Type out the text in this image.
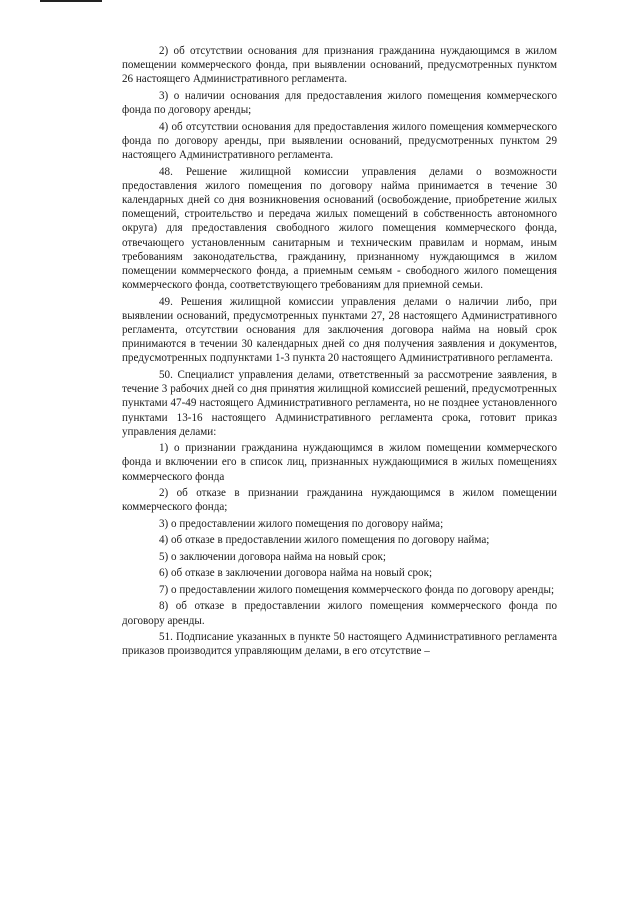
2) об отсутствии основания для признания гражданина нуждающимся в жилом помещении коммерческого фонда, при выявлении оснований, предусмотренных пунктом 26 настоящего Административного регламента.

3) о наличии основания для предоставления жилого помещения коммерческого фонда по договору аренды;

4) об отсутствии основания для предоставления жилого помещения коммерческого фонда по договору аренды, при выявлении оснований, предусмотренных пунктом 29 настоящего Административного регламента.

48. Решение жилищной комиссии управления делами о возможности предоставления жилого помещения по договору найма принимается в течение 30 календарных дней со дня возникновения оснований (освобождение, приобретение жилых помещений, строительство и передача жилых помещений в собственность автономного округа) для предоставления свободного жилого помещения коммерческого фонда, отвечающего установленным санитарным и техническим правилам и нормам, иным требованиям законодательства, гражданину, признанному нуждающимся в жилом помещении коммерческого фонда, а приемным семьям - свободного жилого помещения коммерческого фонда, соответствующего требованиям для приемной семьи.

49. Решения жилищной комиссии управления делами о наличии либо, при выявлении оснований, предусмотренных пунктами 27, 28 настоящего Административного регламента, отсутствии основания для заключения договора найма на новый срок принимаются в течении 30 календарных дней со дня получения заявления и документов, предусмотренных подпунктами 1-3 пункта 20 настоящего Административного регламента.

50. Специалист управления делами, ответственный за рассмотрение заявления, в течение 3 рабочих дней со дня принятия жилищной комиссией решений, предусмотренных пунктами 47-49 настоящего Административного регламента, но не позднее установленного пунктами 13-16 настоящего Административного регламента срока, готовит приказ управления делами:

1) о признании гражданина нуждающимся в жилом помещении коммерческого фонда и включении его в список лиц, признанных нуждающимися в жилых помещениях коммерческого фонда

2) об отказе в признании гражданина нуждающимся в жилом помещении коммерческого фонда;

3) о предоставлении жилого помещения по договору найма;

4) об отказе в предоставлении жилого помещения по договору найма;

5) о заключении договора найма на новый срок;

6) об отказе в заключении договора найма на новый срок;

7) о предоставлении жилого помещения коммерческого фонда по договору аренды;

8) об отказе в предоставлении жилого помещения коммерческого фонда по договору аренды.

51. Подписание указанных в пункте 50 настоящего Административного регламента приказов производится управляющим делами, в его отсутствие –
